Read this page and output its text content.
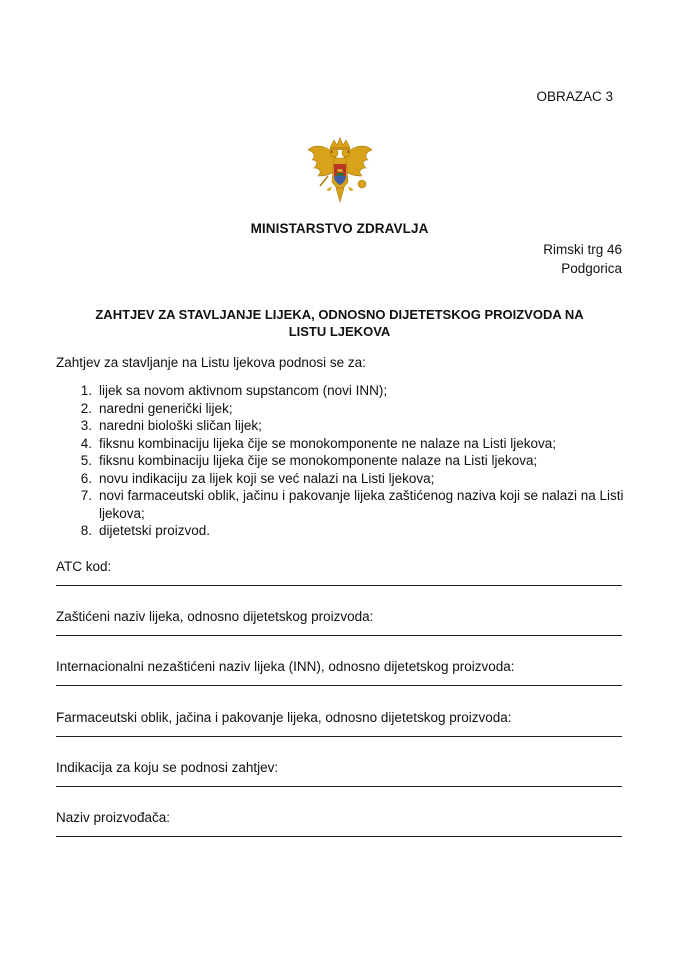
OBRAZAC 3
MINISTARSTVO ZDRAVLJA
Rimski trg 46
Podgorica
ZAHTJEV ZA STAVLJANJE LIJEKA, ODNOSNO DIJETETSKOG PROIZVODA NA
LISTU LJEKOVA
Zahtjev za stavljanje na Listu ljekova podnosi se za:
1. lijek sa novom aktivnom supstancom (novi INN);
2. naredni generički lijek;
3. naredni biološki sličan lijek;
4. fiksnu kombinaciju lijeka čije se monokomponente ne nalaze na Listi ljekova;
5. fiksnu kombinaciju lijeka čije se monokomponente nalaze na Listi ljekova;
6. novu indikaciju za lijek koji se već nalazi na Listi ljekova;
7. novi farmaceutski oblik, jačinu i pakovanje lijeka zaštićenog naziva koji se nalazi na Listi ljekova;
8. dijetetski proizvod.
ATC kod:
Zaštićeni naziv lijeka, odnosno dijetetskog proizvoda:
Internacionalni nezaštićeni naziv lijeka (INN), odnosno dijetetskog proizvoda:
Farmaceutski oblik, jačina i pakovanje lijeka, odnosno dijetetskog proizvoda:
Indikacija za koju se podnosi zahtjev:
Naziv proizvođača:
